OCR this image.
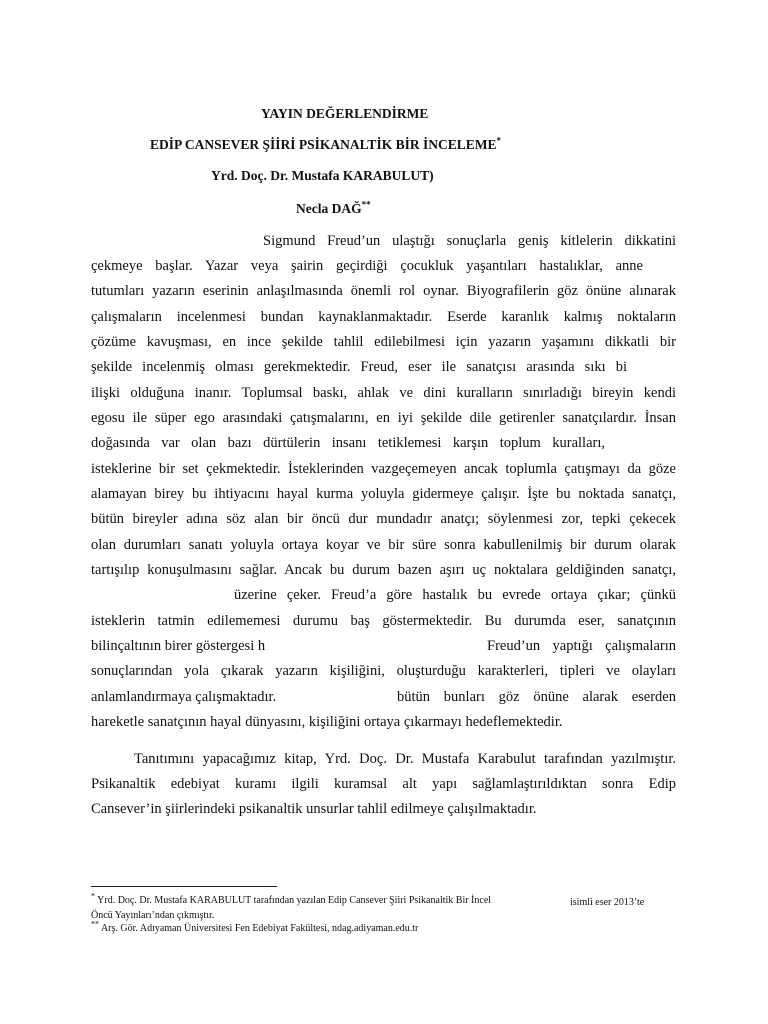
YAYIN DEĞERLENDİRME
EDİP CANSEVER ŞİİRİ PSİKANALTİK BİR İNCELEME*
Yrd. Doç. Dr. Mustafa KARABULUT)
Necla DAĞ**
Sigmund Freud’un ulaştığı sonuçlarla geniş kitlelerin dikkatini
çekmeye başlar. Yazar veya şairin geçirdiği çocukluk yaşantıları hastalıklar, anne
tutumları yazarın eserinin anlaşılmasında önemli rol oynar. Biyografilerin göz önüne alınarak
çalışmaların incelenmesi bundan kaynaklanmaktadır. Eserde karanlık kalmış noktaların
çözüme kavuşması, en ince şekilde tahlil edilebilmesi için yazarın yaşamını dikkatli bir
şekilde incelenmiş olması gerekmektedir. Freud, eser ile sanatçısı arasında sıkı bi
ilişki olduğuna inanır. Toplumsal baskı, ahlak ve dini kuralların sınırladığı bireyin kendi
egosu ile süper ego arasındaki çatışmalarını, en iyi şekilde dile getirenler sanatçılardır. İnsan
doğasında var olan bazı dürtülerin insanı tetiklemesi karşın toplum kuralları,
isteklerine bir set çekmektedir. İsteklerinden vazgeçemeyen ancak toplumla çatışmayı da göze
alamayan birey bu ihtiyacını hayal kurma yoluyla gidermeye çalışır. İşte bu noktada sanatçı,
bütün bireyler adına söz alan bir öncü dur mundadır anatçı; söylenmesi zor, tepki çekecek
olan durumları sanatı yoluyla ortaya koyar ve bir süre sonra kabullenilmiş bir durum olarak
tartışılıp konuşulmasını sağlar. Ancak bu durum bazen aşırı uç noktalara geldiğinden sanatçı,
üzerine çeker. Freud’a göre hastalık bu evrede ortaya çıkar; çünkü
isteklerin tatmin edilememesi durumu baş göstermektedir. Bu durumda eser, sanatçının
bilinçaltının birer göstergesi h	Freud’un yaptığı çalışmaların
sonuçlarından yola çıkarak yazarın kişiliğini, oluşturduğu karakterleri, tipleri ve olayları
anlamlandırmaya çalışmaktadır.	bütün bunları göz önüne alarak eserden
hareketle sanatçının hayal dünyasını, kişiliğini ortaya çıkarmayı hedeflemektedir.
Tanıtımını yapacağımız kitap, Yrd. Doç. Dr. Mustafa Karabulut tarafından yazılmıştır.
Psikanaltik edebiyat kuramı ilgili kuramsal alt yapı sağlamlaştırıldıktan sonra Edip
Cansever’in şiirlerindeki psikanaltik unsurlar tahlil edilmeye çalışılmaktadır.
* Yrd. Doç. Dr. Mustafa KARABULUT tarafından yazılan Edip Cansever Şiiri Psikanaltik Bir İncel	isimli eser 2013’te
Öncü Yayınları’ndan çıkmıştır.
** Arş. Gör. Adıyaman Üniversitesi Fen Edebiyat Fakültesi, ndag.adiyaman.edu.tr
